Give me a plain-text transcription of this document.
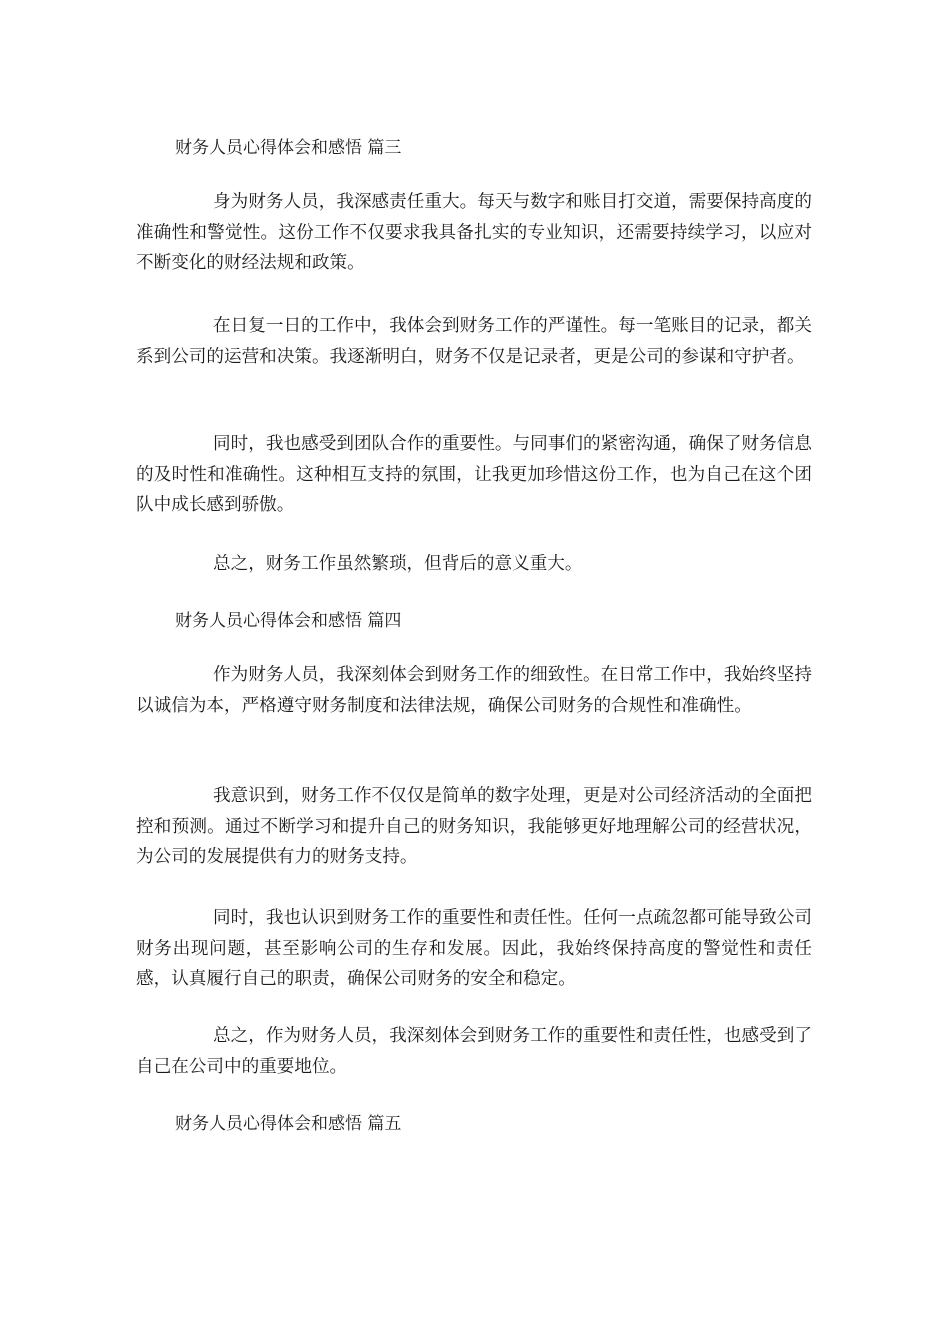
财务人员心得体会和感悟 篇三

身为财务人员，我深感责任重大。每天与数字和账目打交道，需要保持高度的准确性和警觉性。这份工作不仅要求我具备扎实的专业知识，还需要持续学习，以应对不断变化的财经法规和政策。

在日复一日的工作中，我体会到财务工作的严谨性。每一笔账目的记录，都关系到公司的运营和决策。我逐渐明白，财务不仅是记录者，更是公司的参谋和守护者。

同时，我也感受到团队合作的重要性。与同事们的紧密沟通，确保了财务信息的及时性和准确性。这种相互支持的氛围，让我更加珍惜这份工作，也为自己在这个团队中成长感到骄傲。

总之，财务工作虽然繁琐，但背后的意义重大。

财务人员心得体会和感悟 篇四

作为财务人员，我深刻体会到财务工作的细致性。在日常工作中，我始终坚持以诚信为本，严格遵守财务制度和法律法规，确保公司财务的合规性和准确性。

我意识到，财务工作不仅仅是简单的数字处理，更是对公司经济活动的全面把控和预测。通过不断学习和提升自己的财务知识，我能够更好地理解公司的经营状况，为公司的发展提供有力的财务支持。

同时，我也认识到财务工作的重要性和责任性。任何一点疏忽都可能导致公司财务出现问题，甚至影响公司的生存和发展。因此，我始终保持高度的警觉性和责任感，认真履行自己的职责，确保公司财务的安全和稳定。

总之，作为财务人员，我深刻体会到财务工作的重要性和责任性，也感受到了自己在公司中的重要地位。

财务人员心得体会和感悟 篇五
